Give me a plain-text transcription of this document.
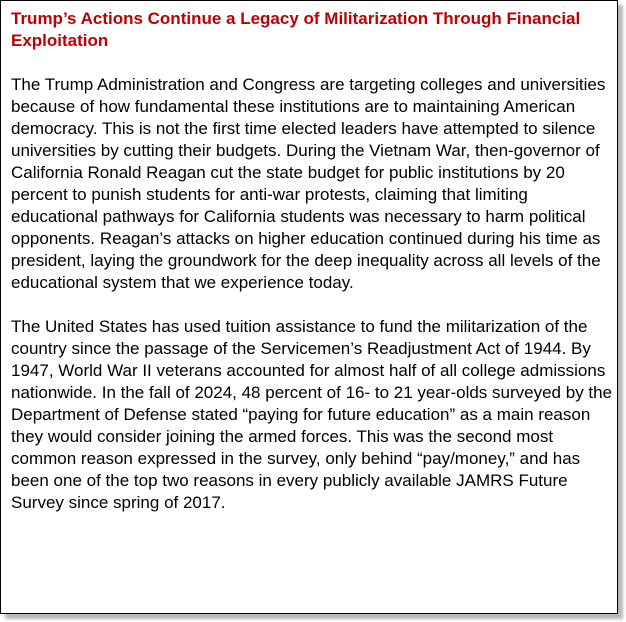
Trump’s Actions Continue a Legacy of Militarization Through Financial Exploitation

The Trump Administration and Congress are targeting colleges and universities because of how fundamental these institutions are to maintaining American democracy. This is not the first time elected leaders have attempted to silence universities by cutting their budgets. During the Vietnam War, then-governor of California Ronald Reagan cut the state budget for public institutions by 20 percent to punish students for anti-war protests, claiming that limiting educational pathways for California students was necessary to harm political opponents. Reagan’s attacks on higher education continued during his time as president, laying the groundwork for the deep inequality across all levels of the educational system that we experience today.

The United States has used tuition assistance to fund the militarization of the country since the passage of the Servicemen’s Readjustment Act of 1944. By 1947, World War II veterans accounted for almost half of all college admissions nationwide. In the fall of 2024, 48 percent of 16- to 21 year-olds surveyed by the Department of Defense stated “paying for future education” as a main reason they would consider joining the armed forces. This was the second most common reason expressed in the survey, only behind “pay/money,” and has been one of the top two reasons in every publicly available JAMRS Future Survey since spring of 2017.
